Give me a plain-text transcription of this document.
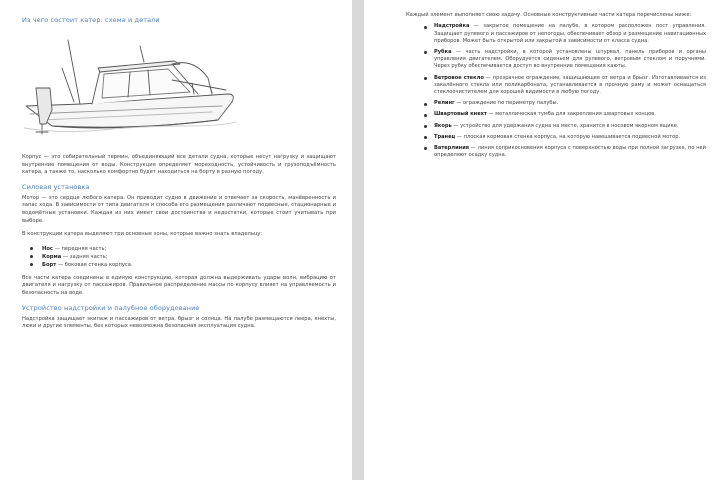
Из чего состоит катер: схема и детали

Корпус — это собирательный термин, объединяющий все детали судна, которые несут нагрузку и защищают внутренние помещения от воды. Конструкция определяет мореходность, устойчивость и грузоподъёмность катера, а также то, насколько комфортно будет находиться на борту в разную погоду.

Силовая установка

Мотор — это сердце любого катера. Он приводит судно в движение и отвечает за скорость, манёвренность и запас хода. В зависимости от типа двигателя и способа его размещения различают подвесные, стационарные и водомётные установки. Каждая из них имеет свои достоинства и недостатки, которые стоит учитывать при выборе.

В конструкции катера выделяют три основные зоны, которые важно знать владельцу:

Нос — передняя часть;
Корма — задняя часть;
Борт — боковая стенка корпуса.

Все части катера соединены в единую конструкцию, которая должна выдерживать удары волн, вибрацию от двигателя и нагрузку от пассажиров. Правильное распределение массы по корпусу влияет на управляемость и безопасность на воде.

Устройство надстройки и палубное оборудование

Надстройка защищает экипаж и пассажиров от ветра, брызг и солнца. На палубе размещаются леера, кнехты, люки и другие элементы, без которых невозможна безопасная эксплуатация судна.

Каждый элемент выполняет свою задачу. Основные конструктивные части катера перечислены ниже:

Надстройка — закрытое помещение на палубе, в котором расположен пост управления. Защищает рулевого и пассажиров от непогоды, обеспечивает обзор и размещение навигационных приборов. Может быть открытой или закрытой в зависимости от класса судна.
Рубка — часть надстройки, в которой установлены штурвал, панель приборов и органы управления двигателем. Оборудуется сиденьем для рулевого, ветровым стеклом и поручнями. Через рубку обеспечивается доступ во внутренние помещения каюты.
Ветровое стекло — прозрачное ограждение, защищающее от ветра и брызг. Изготавливается из закалённого стекла или поликарбоната, устанавливается в прочную раму и может оснащаться стеклоочистителем для хорошей видимости в любую погоду.
Релинг — ограждение по периметру палубы.
Швартовый кнехт — металлическая тумба для закрепления швартовых концов.
Якорь — устройство для удержания судна на месте, хранится в носовом якорном ящике.
Транец — плоская кормовая стенка корпуса, на которую навешивается подвесной мотор.
Ватерлиния — линия соприкосновения корпуса с поверхностью воды при полной загрузке, по ней определяют осадку судна.
